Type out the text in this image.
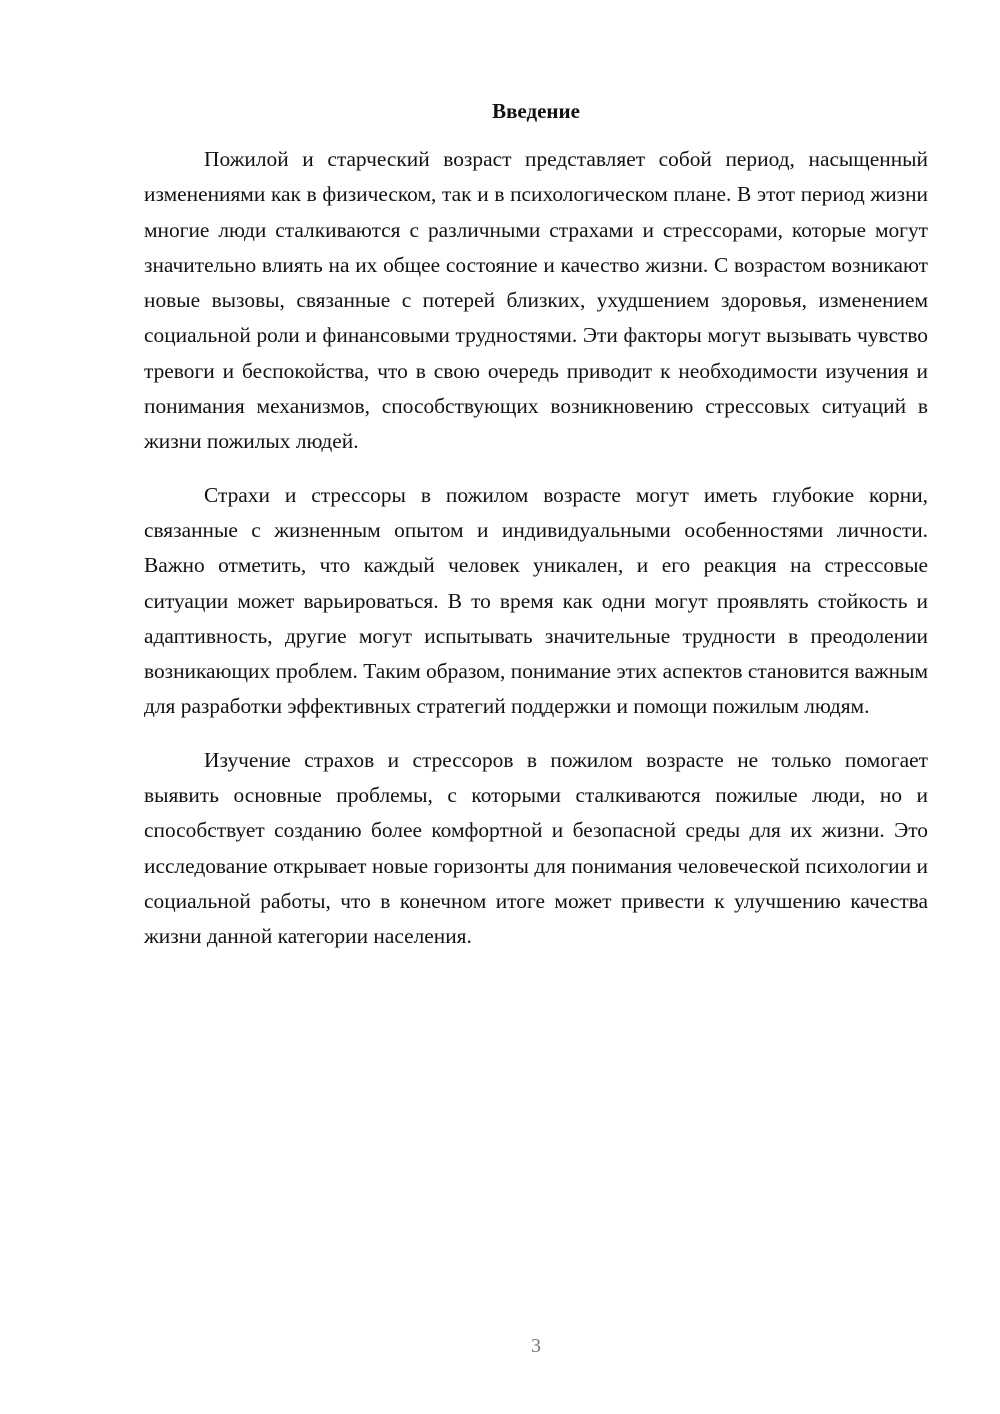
Введение

Пожилой и старческий возраст представляет собой период, насыщенный изменениями как в физическом, так и в психологическом плане. В этот период жизни многие люди сталкиваются с различными страхами и стрессорами, которые могут значительно влиять на их общее состояние и качество жизни. С возрастом возникают новые вызовы, связанные с потерей близких, ухудшением здоровья, изменением социальной роли и финансовыми трудностями. Эти факторы могут вызывать чувство тревоги и беспокойства, что в свою очередь приводит к необходимости изучения и понимания механизмов, способствующих возникновению стрессовых ситуаций в жизни пожилых людей.

Страхи и стрессоры в пожилом возрасте могут иметь глубокие корни, связанные с жизненным опытом и индивидуальными особенностями личности. Важно отметить, что каждый человек уникален, и его реакция на стрессовые ситуации может варьироваться. В то время как одни могут проявлять стойкость и адаптивность, другие могут испытывать значительные трудности в преодолении возникающих проблем. Таким образом, понимание этих аспектов становится важным для разработки эффективных стратегий поддержки и помощи пожилым людям.

Изучение страхов и стрессоров в пожилом возрасте не только помогает выявить основные проблемы, с которыми сталкиваются пожилые люди, но и способствует созданию более комфортной и безопасной среды для их жизни. Это исследование открывает новые горизонты для понимания человеческой психологии и социальной работы, что в конечном итоге может привести к улучшению качества жизни данной категории населения.

3
